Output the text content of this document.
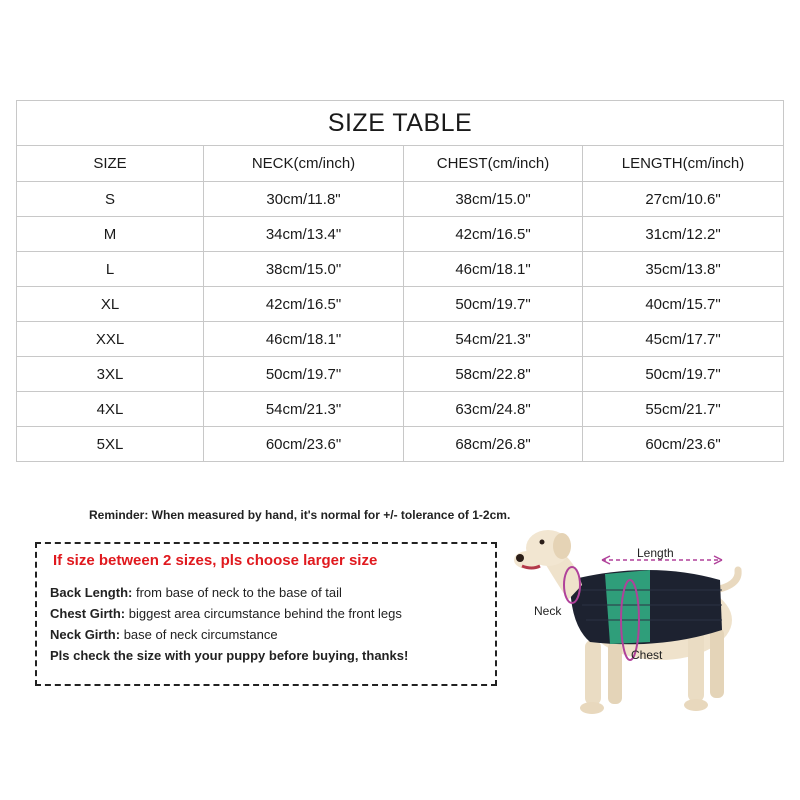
SIZE TABLE			
SIZE	NECK(cm/inch)	CHEST(cm/inch)	LENGTH(cm/inch)
S	30cm/11.8"	38cm/15.0"	27cm/10.6"
M	34cm/13.4"	42cm/16.5"	31cm/12.2"
L	38cm/15.0"	46cm/18.1"	35cm/13.8"
XL	42cm/16.5"	50cm/19.7"	40cm/15.7"
XXL	46cm/18.1"	54cm/21.3"	45cm/17.7"
3XL	50cm/19.7"	58cm/22.8"	50cm/19.7"
4XL	54cm/21.3"	63cm/24.8"	55cm/21.7"
5XL	60cm/23.6"	68cm/26.8"	60cm/23.6"
Reminder: When measured by hand, it's normal for +/- tolerance of 1-2cm.
If size between 2 sizes, pls choose larger size
Back Length: from base of neck to the base of tail
Chest Girth: biggest area circumstance behind the front legs
Neck Girth: base of neck circumstance
Pls check the size with your puppy before buying, thanks!
Length
Neck
Chest
